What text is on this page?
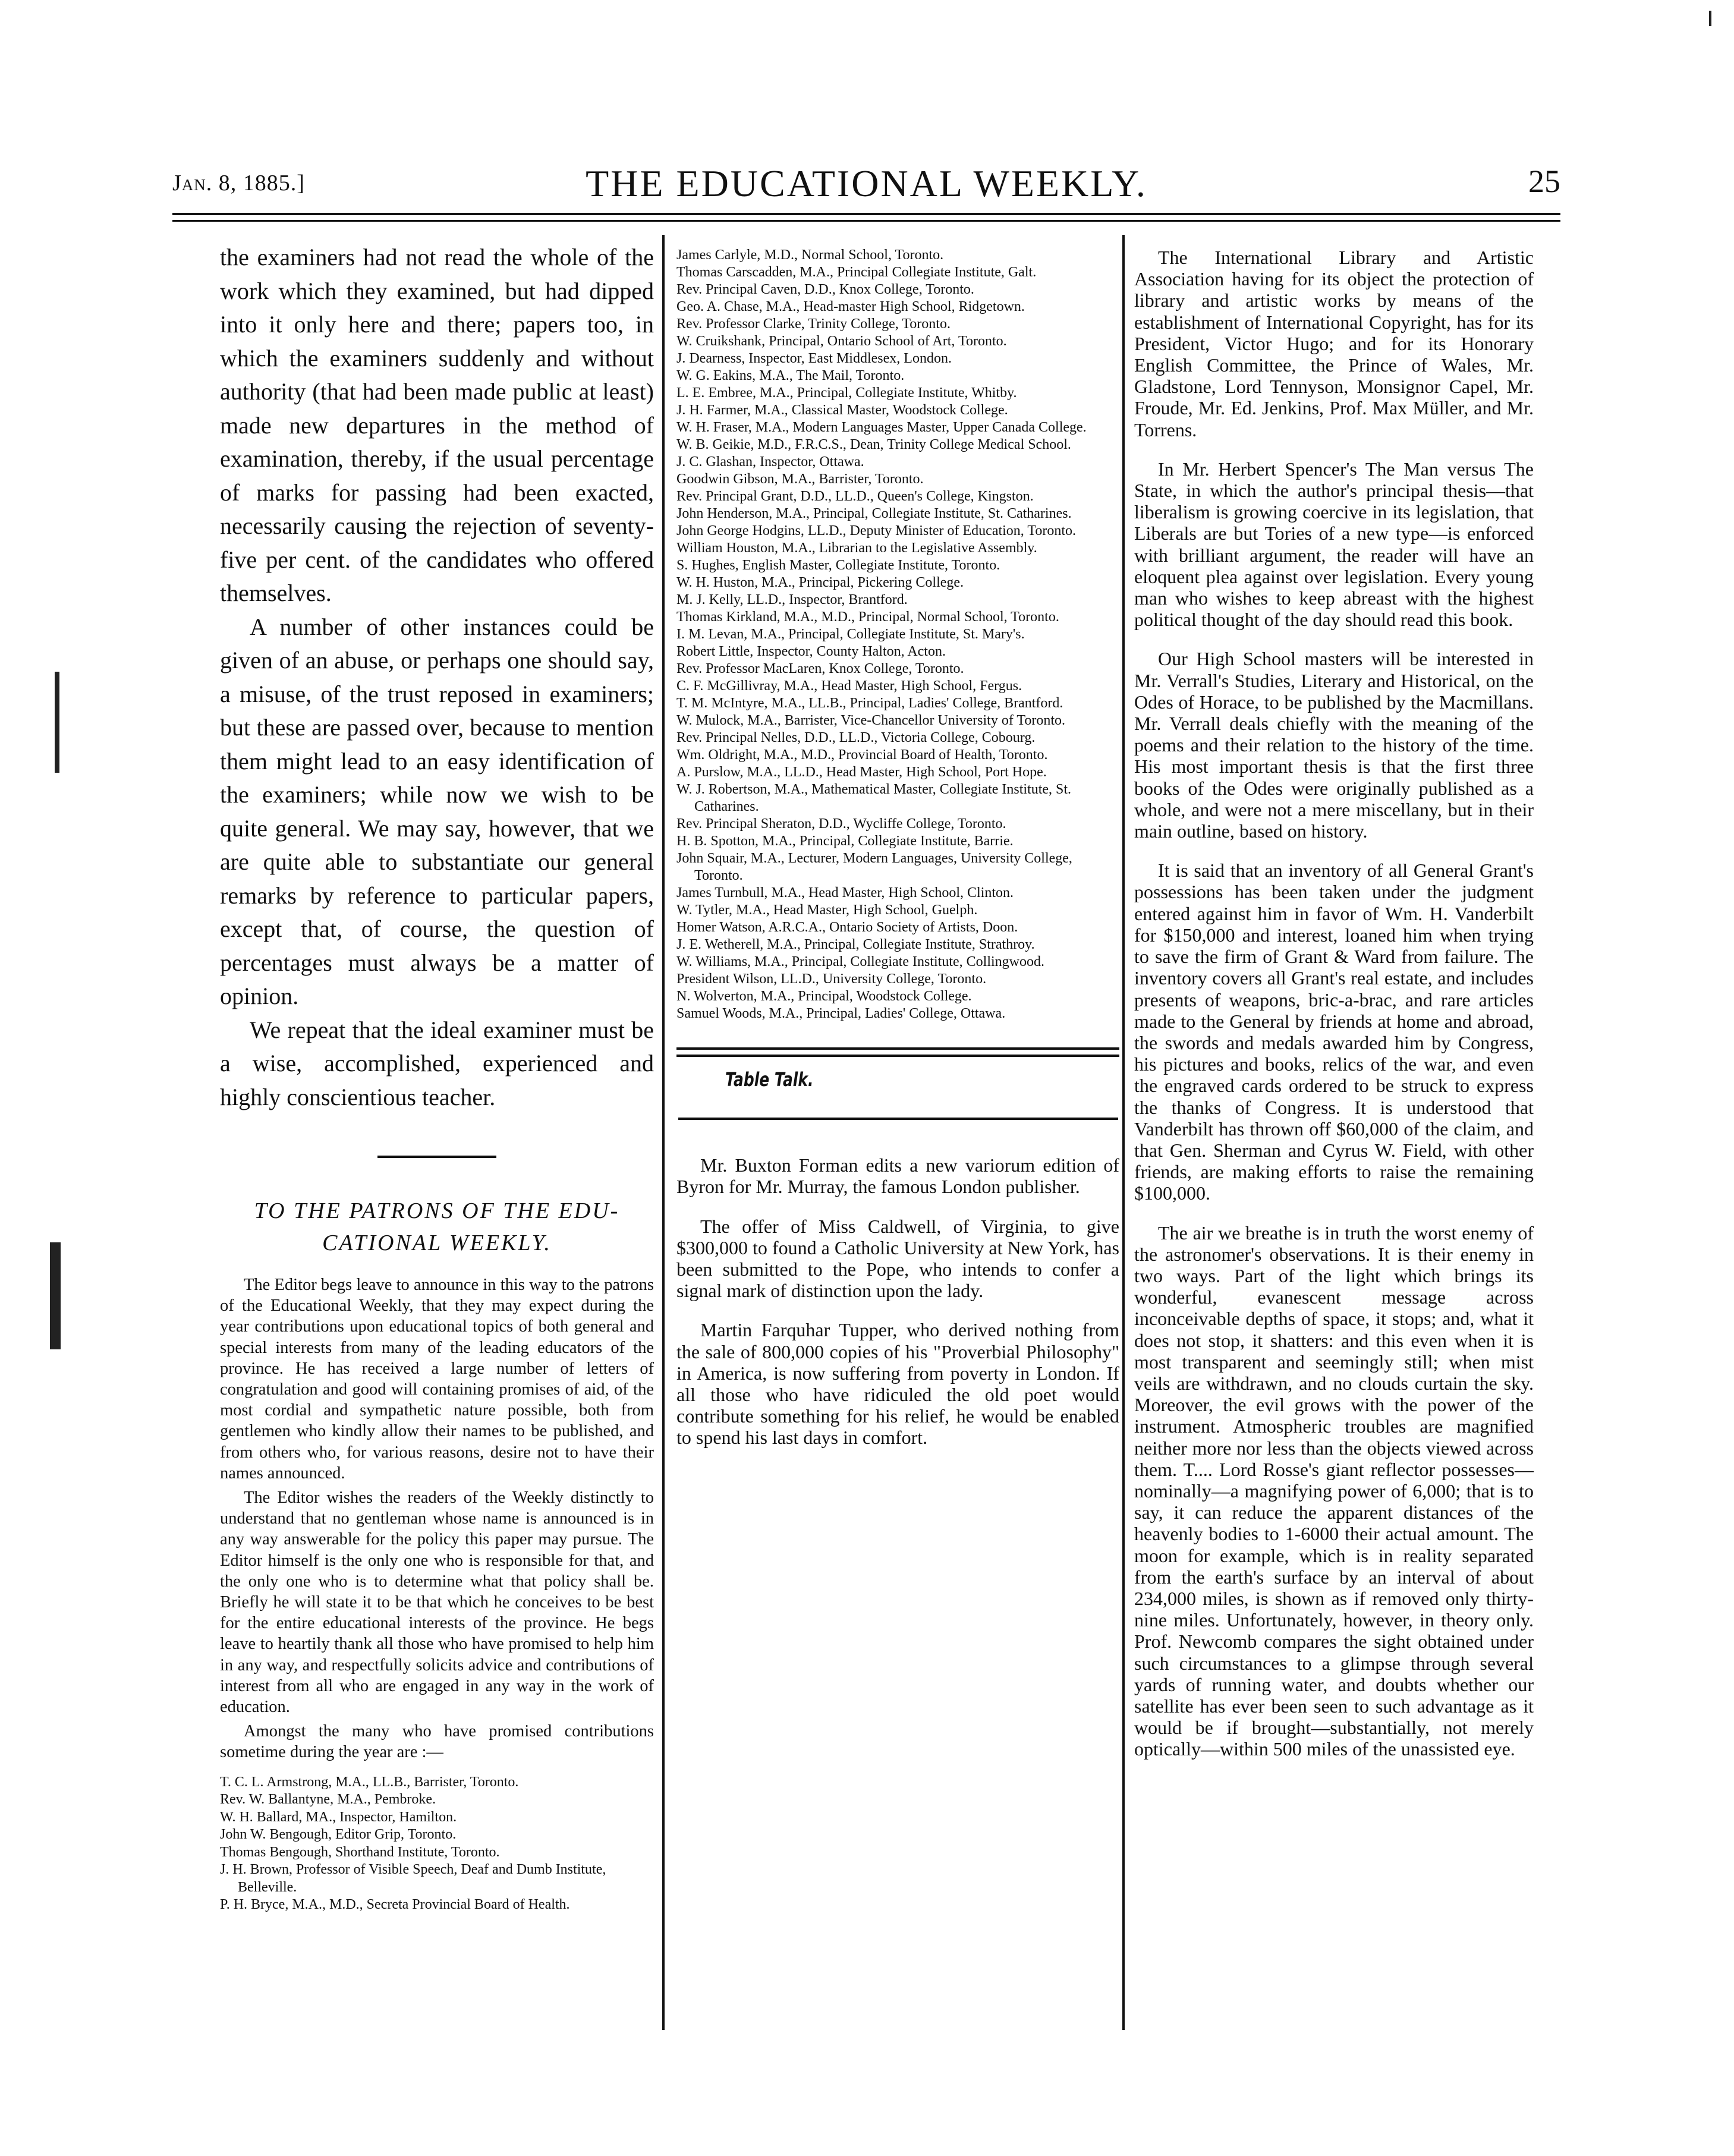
Jan. 8, 1885.]	THE EDUCATIONAL WEEKLY.	25

the examiners had not read the whole of the work which they examined, but had dipped into it only here and there; papers too, in which the examiners suddenly and without authority (that had been made public at least) made new departures in the method of examination, thereby, if the usual percentage of marks for passing had been exacted, necessarily causing the rejection of seventy-five per cent. of the candidates who offered themselves.

A number of other instances could be given of an abuse, or perhaps one should say, a misuse, of the trust reposed in examiners; but these are passed over, because to mention them might lead to an easy identification of the examiners; while now we wish to be quite general. We may say, however, that we are quite able to substantiate our general remarks by reference to particular papers, except that, of course, the question of percentages must always be a matter of opinion.

We repeat that the ideal examiner must be a wise, accomplished, experienced and highly conscientious teacher.

TO THE PATRONS OF THE EDU-
CATIONAL WEEKLY.

The Editor begs leave to announce in this way to the patrons of the Educational Weekly, that they may expect during the year contributions upon educational topics of both general and special interests from many of the leading educators of the province. He has received a large number of letters of congratulation and good will containing promises of aid, of the most cordial and sympathetic nature possible, both from gentlemen who kindly allow their names to be published, and from others who, for various reasons, desire not to have their names announced.

The Editor wishes the readers of the Weekly distinctly to understand that no gentleman whose name is announced is in any way answerable for the policy this paper may pursue. The Editor himself is the only one who is responsible for that, and the only one who is to determine what that policy shall be. Briefly he will state it to be that which he conceives to be best for the entire educational interests of the province. He begs leave to heartily thank all those who have promised to help him in any way, and respectfully solicits advice and contributions of interest from all who are engaged in any way in the work of education.

Amongst the many who have promised contributions sometime during the year are :—

T. C. L. Armstrong, M.A., LL.B., Barrister, Toronto.
Rev. W. Ballantyne, M.A., Pembroke.
W. H. Ballard, MA., Inspector, Hamilton.
John W. Bengough, Editor Grip, Toronto.
Thomas Bengough, Shorthand Institute, Toronto.
J. H. Brown, Professor of Visible Speech, Deaf and Dumb Institute, Belleville.
P. H. Bryce, M.A., M.D., Secreta Provincial Board of Health.
James Carlyle, M.D., Normal School, Toronto.
Thomas Carscadden, M.A., Principal Collegiate Institute, Galt.
Rev. Principal Caven, D.D., Knox College, Toronto.
Geo. A. Chase, M.A., Head-master High School, Ridgetown.
Rev. Professor Clarke, Trinity College, Toronto.
W. Cruikshank, Principal, Ontario School of Art, Toronto.
J. Dearness, Inspector, East Middlesex, London.
W. G. Eakins, M.A., The Mail, Toronto.
L. E. Embree, M.A., Principal, Collegiate Institute, Whitby.
J. H. Farmer, M.A., Classical Master, Woodstock College.
W. H. Fraser, M.A., Modern Languages Master, Upper Canada College.
W. B. Geikie, M.D., F.R.C.S., Dean, Trinity College Medical School.
J. C. Glashan, Inspector, Ottawa.
Goodwin Gibson, M.A., Barrister, Toronto.
Rev. Principal Grant, D.D., LL.D., Queen's College, Kingston.
John Henderson, M.A., Principal, Collegiate Institute, St. Catharines.
John George Hodgins, LL.D., Deputy Minister of Education, Toronto.
William Houston, M.A., Librarian to the Legislative Assembly.
S. Hughes, English Master, Collegiate Institute, Toronto.
W. H. Huston, M.A., Principal, Pickering College.
M. J. Kelly, LL.D., Inspector, Brantford.
Thomas Kirkland, M.A., M.D., Principal, Normal School, Toronto.
I. M. Levan, M.A., Principal, Collegiate Institute, St. Mary's.
Robert Little, Inspector, County Halton, Acton.
Rev. Professor MacLaren, Knox College, Toronto.
C. F. McGillivray, M.A., Head Master, High School, Fergus.
T. M. McIntyre, M.A., LL.B., Principal, Ladies' College, Brantford.
W. Mulock, M.A., Barrister, Vice-Chancellor University of Toronto.
Rev. Principal Nelles, D.D., LL.D., Victoria College, Cobourg.
Wm. Oldright, M.A., M.D., Provincial Board of Health, Toronto.
A. Purslow, M.A., LL.D., Head Master, High School, Port Hope.
W. J. Robertson, M.A., Mathematical Master, Collegiate Institute, St. Catharines.
Rev. Principal Sheraton, D.D., Wycliffe College, Toronto.
H. B. Spotton, M.A., Principal, Collegiate Institute, Barrie.
John Squair, M.A., Lecturer, Modern Languages, University College, Toronto.
James Turnbull, M.A., Head Master, High School, Clinton.
W. Tytler, M.A., Head Master, High School, Guelph.
Homer Watson, A.R.C.A., Ontario Society of Artists, Doon.
J. E. Wetherell, M.A., Principal, Collegiate Institute, Strathroy.
W. Williams, M.A., Principal, Collegiate Institute, Collingwood.
President Wilson, LL.D., University College, Toronto.
N. Wolverton, M.A., Principal, Woodstock College.
Samuel Woods, M.A., Principal, Ladies' College, Ottawa.

Table Talk.

Mr. Buxton Forman edits a new variorum edition of Byron for Mr. Murray, the famous London publisher.

The offer of Miss Caldwell, of Virginia, to give $300,000 to found a Catholic University at New York, has been submitted to the Pope, who intends to confer a signal mark of distinction upon the lady.

Martin Farquhar Tupper, who derived nothing from the sale of 800,000 copies of his "Proverbial Philosophy" in America, is now suffering from poverty in London. If all those who have ridiculed the old poet would contribute something for his relief, he would be enabled to spend his last days in comfort.

The International Library and Artistic Association having for its object the protection of library and artistic works by means of the establishment of International Copyright, has for its President, Victor Hugo; and for its Honorary English Committee, the Prince of Wales, Mr. Gladstone, Lord Tennyson, Monsignor Capel, Mr. Froude, Mr. Ed. Jenkins, Prof. Max Müller, and Mr. Torrens.

In Mr. Herbert Spencer's The Man versus The State, in which the author's principal thesis—that liberalism is growing coercive in its legislation, that Liberals are but Tories of a new type—is enforced with brilliant argument, the reader will have an eloquent plea against over legislation. Every young man who wishes to keep abreast with the highest political thought of the day should read this book.

Our High School masters will be interested in Mr. Verrall's Studies, Literary and Historical, on the Odes of Horace, to be published by the Macmillans. Mr. Verrall deals chiefly with the meaning of the poems and their relation to the history of the time. His most important thesis is that the first three books of the Odes were originally published as a whole, and were not a mere miscellany, but in their main outline, based on history.

It is said that an inventory of all General Grant's possessions has been taken under the judgment entered against him in favor of Wm. H. Vanderbilt for $150,000 and interest, loaned him when trying to save the firm of Grant & Ward from failure. The inventory covers all Grant's real estate, and includes presents of weapons, bric-a-brac, and rare articles made to the General by friends at home and abroad, the swords and medals awarded him by Congress, his pictures and books, relics of the war, and even the engraved cards ordered to be struck to express the thanks of Congress. It is understood that Vanderbilt has thrown off $60,000 of the claim, and that Gen. Sherman and Cyrus W. Field, with other friends, are making efforts to raise the remaining $100,000.

The air we breathe is in truth the worst enemy of the astronomer's observations. It is their enemy in two ways. Part of the light which brings its wonderful, evanescent message across inconceivable depths of space, it stops; and, what it does not stop, it shatters: and this even when it is most transparent and seemingly still; when mist veils are withdrawn, and no clouds curtain the sky. Moreover, the evil grows with the power of the instrument. Atmospheric troubles are magnified neither more nor less than the objects viewed across them. T.... Lord Rosse's giant reflector possesses—nominally—a magnifying power of 6,000; that is to say, it can reduce the apparent distances of the heavenly bodies to 1-6000 their actual amount. The moon for example, which is in reality separated from the earth's surface by an interval of about 234,000 miles, is shown as if removed only thirty-nine miles. Unfortunately, however, in theory only. Prof. Newcomb compares the sight obtained under such circumstances to a glimpse through several yards of running water, and doubts whether our satellite has ever been seen to such advantage as it would be if brought—substantially, not merely optically—within 500 miles of the unassisted eye.
